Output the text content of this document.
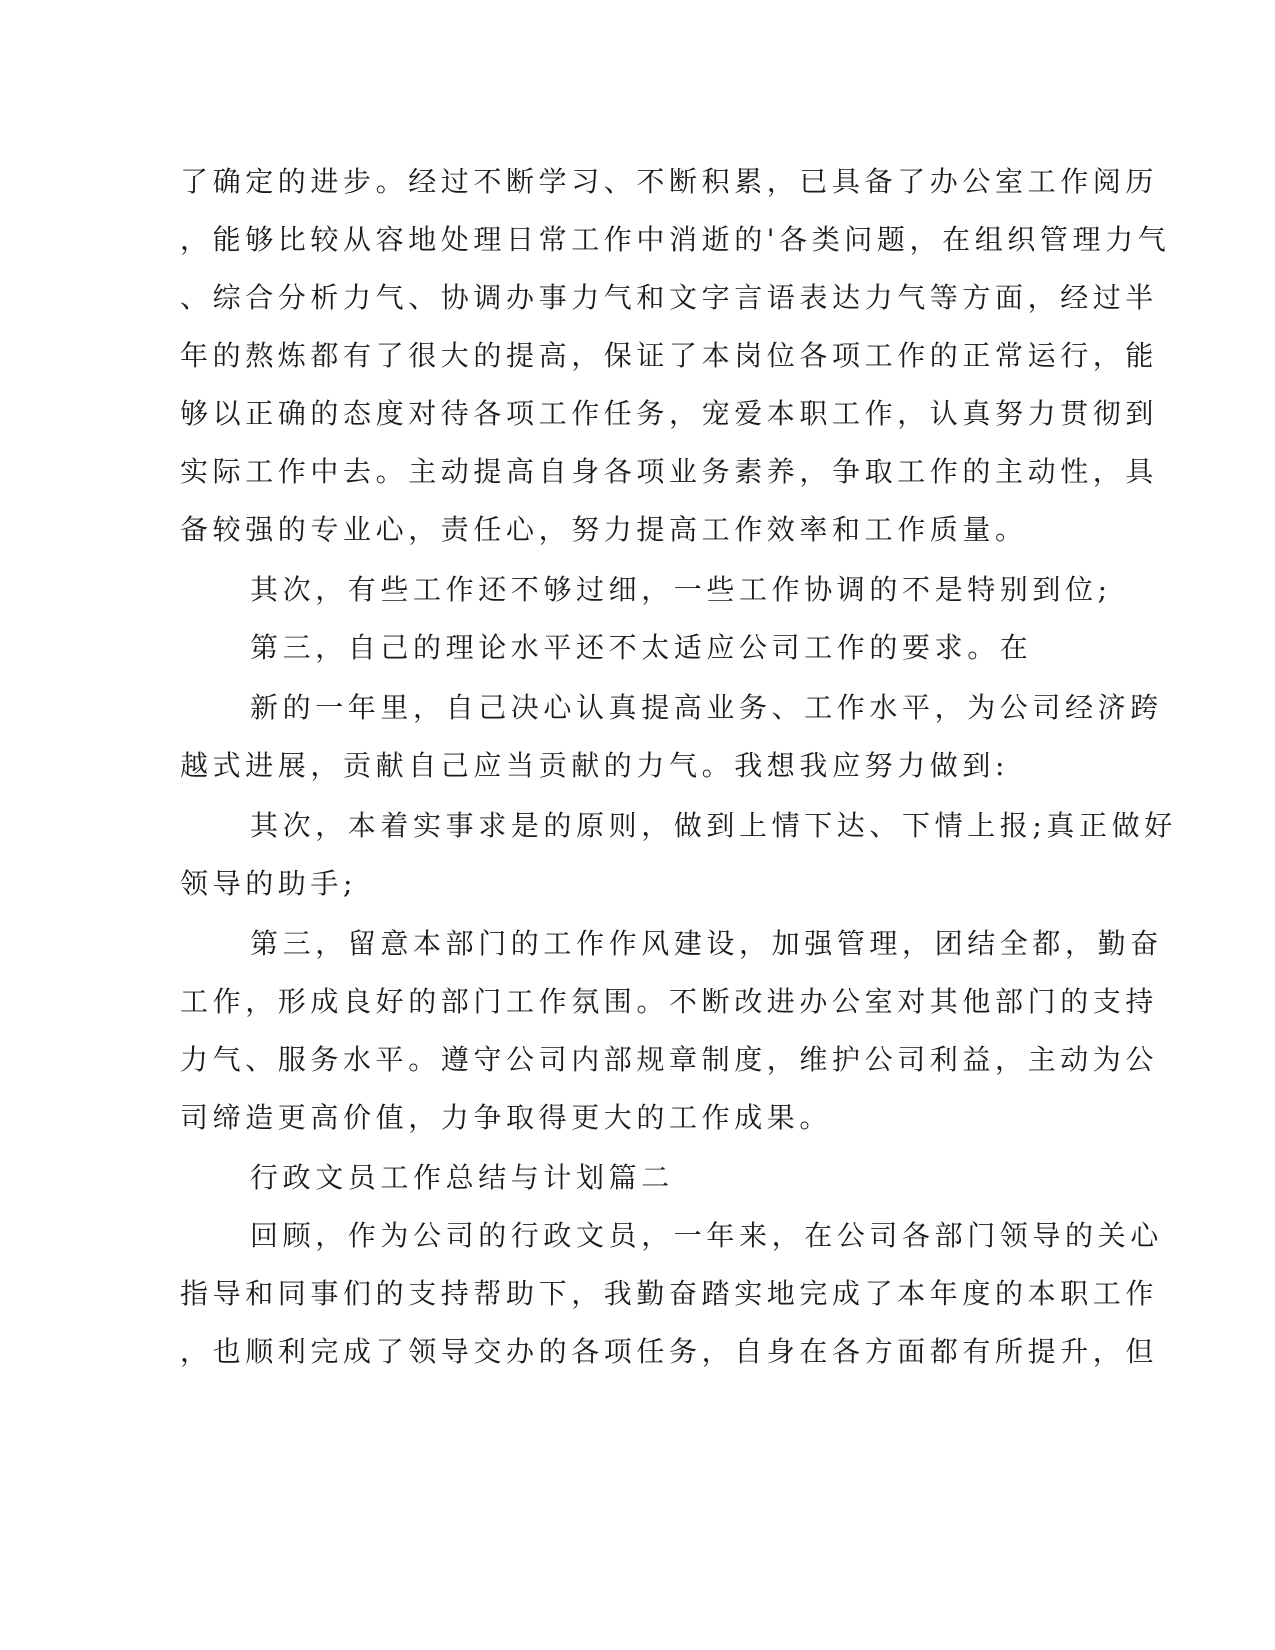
了确定的进步。经过不断学习、不断积累，已具备了办公室工作阅历
，能够比较从容地处理日常工作中消逝的'各类问题，在组织管理力气
、综合分析力气、协调办事力气和文字言语表达力气等方面，经过半
年的熬炼都有了很大的提高，保证了本岗位各项工作的正常运行，能
够以正确的态度对待各项工作任务，宠爱本职工作，认真努力贯彻到
实际工作中去。主动提高自身各项业务素养，争取工作的主动性，具
备较强的专业心，责任心，努力提高工作效率和工作质量。
其次，有些工作还不够过细，一些工作协调的不是特别到位;
第三，自己的理论水平还不太适应公司工作的要求。在
新的一年里，自己决心认真提高业务、工作水平，为公司经济跨
越式进展，贡献自己应当贡献的力气。我想我应努力做到:
其次，本着实事求是的原则，做到上情下达、下情上报;真正做好
领导的助手;
第三，留意本部门的工作作风建设，加强管理，团结全都，勤奋
工作，形成良好的部门工作氛围。不断改进办公室对其他部门的支持
力气、服务水平。遵守公司内部规章制度，维护公司利益，主动为公
司缔造更高价值，力争取得更大的工作成果。
行政文员工作总结与计划篇二
回顾，作为公司的行政文员，一年来，在公司各部门领导的关心
指导和同事们的支持帮助下，我勤奋踏实地完成了本年度的本职工作
，也顺利完成了领导交办的各项任务，自身在各方面都有所提升，但
